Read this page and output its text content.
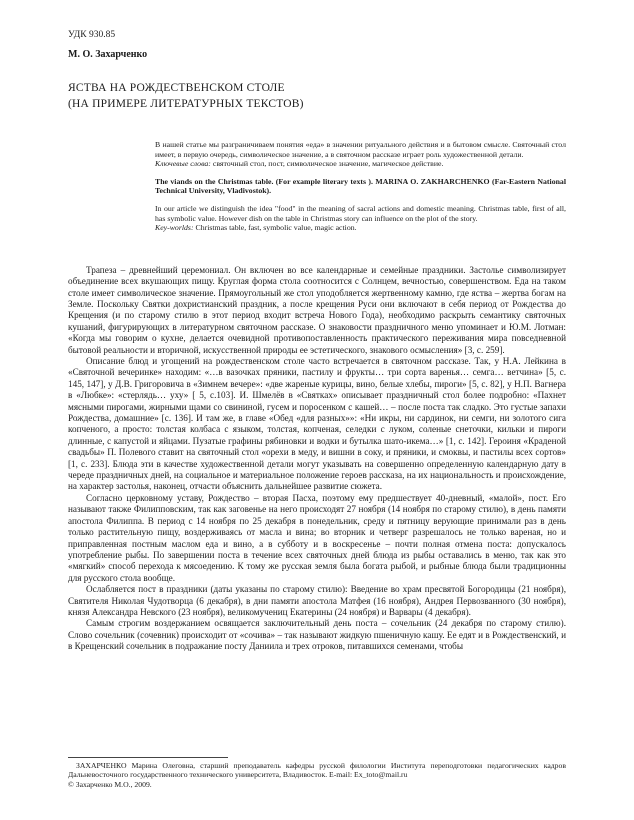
УДК 930.85
М. О. Захарченко
ЯСТВА НА РОЖДЕСТВЕНСКОМ СТОЛЕ
(НА ПРИМЕРЕ ЛИТЕРАТУРНЫХ ТЕКСТОВ)

В нашей статье мы разграничиваем понятия «еда» в значении ритуального действия и в бытовом смысле. Святочный стол имеет, в первую очередь, символическое значение, а в святочном рассказе играет роль художественной детали.

Ключевые слова: святочный стол, пост, символическое значение, магическое действие.

The viands on the Christmas table. (For example literary texts ). MARINA O. ZAKHARCHENKO (Far-Eastern National Technical University, Vladivostok).

In our article we distinguish the idea "food" in the meaning of sacral actions and domestic meaning. Christmas table, first of all, has symbolic value. However dish on the table in Christmas story can influence on the plot of the story.

Key-worlds: Christmas table, fast, symbolic value, magic action.

Трапеза – древнейший церемониал. Он включен во все календарные и семейные праздники. Застолье символизирует объединение всех вкушающих пищу. Круглая форма стола соотносится с Солнцем, вечностью, совершенством. Еда на таком столе имеет символическое значение. Прямоугольный же стол уподобляется жертвенному камню, где яства – жертва богам на Земле. Поскольку Святки дохристианский праздник, а после крещения Руси они включают в себя период от Рождества до Крещения (и по старому стилю в этот период входит встреча Нового Года), необходимо раскрыть семантику святочных кушаний, фигурирующих в литературном святочном рассказе. О знаковости праздничного меню упоминает и Ю.М. Лотман: «Когда мы говорим о кухне, делается очевидной противопоставленность практического переживания мира повседневной бытовой реальности и вторичной, искусственной природы ее эстетического, знакового осмысления» [3, с. 259].

Описание блюд и угощений на рождественском столе часто встречается в святочном рассказе. Так, у Н.А. Лейкина в «Святочной вечеринке» находим: «…в вазочках пряники, пастилу и фрукты… три сорта варенья… семга… ветчина» [5, с. 145, 147], у Д.В. Григоровича в «Зимнем вечере»: «две жареные курицы, вино, белые хлебы, пироги» [5, с. 82], у Н.П. Вагнера в «Любке»: «стерлядь… уху» [ 5, с.103]. И. Шмелёв в «Святках» описывает праздничный стол более подробно: «Пахнет мясными пирогами, жирными щами со свининой, гусем и поросенком с кашей… – после поста так сладко. Это густые запахи Рождества, домашние» [с. 136]. И там же, в главе «Обед «для разных»»: «Ни икры, ни сардинок, ни семги, ни золотого сига копченого, а просто: толстая колбаса с языком, толстая, копченая, селедки с луком, соленые снеточки, кильки и пироги длинные, с капустой и яйцами. Пузатые графины рябиновки и водки и бутылка шато-икема…» [1, с. 142]. Героиня «Краденой свадьбы» П. Полевого ставит на святочный стол «орехи в меду, и вишни в соку, и пряники, и смоквы, и пастилы всех сортов» [1, с. 233]. Блюда эти в качестве художественной детали могут указывать на совершенно определенную календарную дату в череде праздничных дней, на социальное и материальное положение героев рассказа, на их национальность и происхождение, на характер застолья, наконец, отчасти объяснить дальнейшее развитие сюжета.

Согласно церковному уставу, Рождество – вторая Пасха, поэтому ему предшествует 40-дневный, «малой», пост. Его называют также Филипповским, так как заговенье на него происходят 27 ноября (14 ноября по старому стилю), в день памяти апостола Филиппа. В период с 14 ноября по 25 декабря в понедельник, среду и пятницу верующие принимали раз в день только растительную пищу, воздерживаясь от масла и вина; во вторник и четверг разрешалось не только вареная, но и приправленная постным маслом еда и вино, а в субботу и в воскресенье – почти полная отмена поста: допускалось употребление рыбы. По завершении поста в течение всех святочных дней блюда из рыбы оставались в меню, так как это «мягкий» способ перехода к мясоедению. К тому же русская земля была богата рыбой, и рыбные блюда были традиционны для русского стола вообще.

Ослабляется пост в праздники (даты указаны по старому стилю): Введение во храм пресвятой Богородицы (21 ноября), Святителя Николая Чудотворца (6 декабря), в дни памяти апостола Матфея (16 ноября), Андрея Первозванного (30 ноября), князя Александра Невского (23 ноября), великомучениц Екатерины (24 ноября) и Варвары (4 декабря).

Самым строгим воздержанием освящается заключительный день поста – сочельник (24 декабря по старому стилю). Слово сочельник (сочевник) происходит от «сочива» – так называют жидкую пшеничную кашу. Ее едят и в Рождественский, и в Крещенский сочельник в подражание посту Даниила и трех отроков, питавшихся семенами, чтобы

ЗАХАРЧЕНКО Марина Олеговна, старший преподаватель кафедры русской филологии Института переподготовки педагогических кадров Дальневосточного государственного технического университета, Владивосток. E-mail: Ex_toto@mail.ru

© Захарченко М.О., 2009.
